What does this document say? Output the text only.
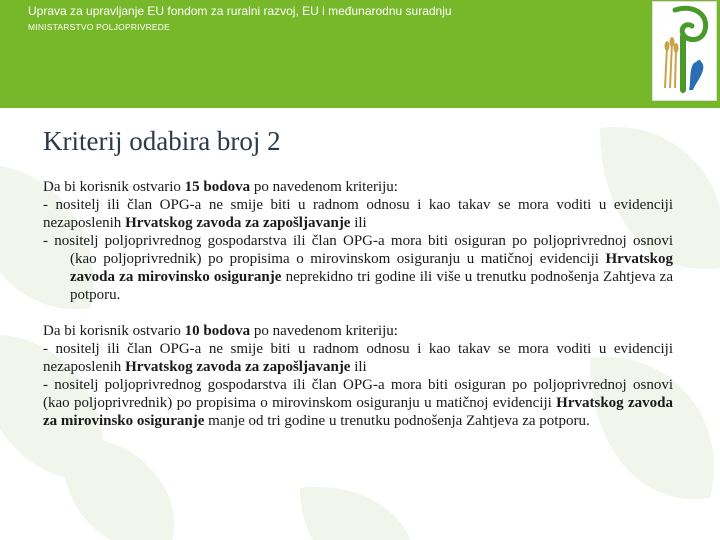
Uprava za upravljanje EU fondom za ruralni razvoj, EU i međunarodnu suradnju
MINISTARSTVO POLJOPRIVREDE
Kriterij odabira broj 2
Da bi korisnik ostvario 15 bodova po navedenom kriteriju:
- nositelj ili član OPG-a ne smije biti u radnom odnosu i kao takav se mora voditi u evidenciji nezaposlenih Hrvatskog zavoda za zapošljavanje ili
- nositelj poljoprivrednog gospodarstva ili član OPG-a mora biti osiguran po poljoprivrednoj osnovi (kao poljoprivrednik) po propisima o mirovinskom osiguranju u matičnoj evidenciji Hrvatskog zavoda za mirovinsko osiguranje neprekidno tri godine ili više u trenutku podnošenja Zahtjeva za potporu.
Da bi korisnik ostvario 10 bodova po navedenom kriteriju:
- nositelj ili član OPG-a ne smije biti u radnom odnosu i kao takav se mora voditi u evidenciji nezaposlenih Hrvatskog zavoda za zapošljavanje ili
- nositelj poljoprivrednog gospodarstva ili član OPG-a mora biti osiguran po poljoprivrednoj osnovi (kao poljoprivrednik) po propisima o mirovinskom osiguranju u matičnoj evidenciji Hrvatskog zavoda za mirovinsko osiguranje manje od tri godine u trenutku podnošenja Zahtjeva za potporu.
